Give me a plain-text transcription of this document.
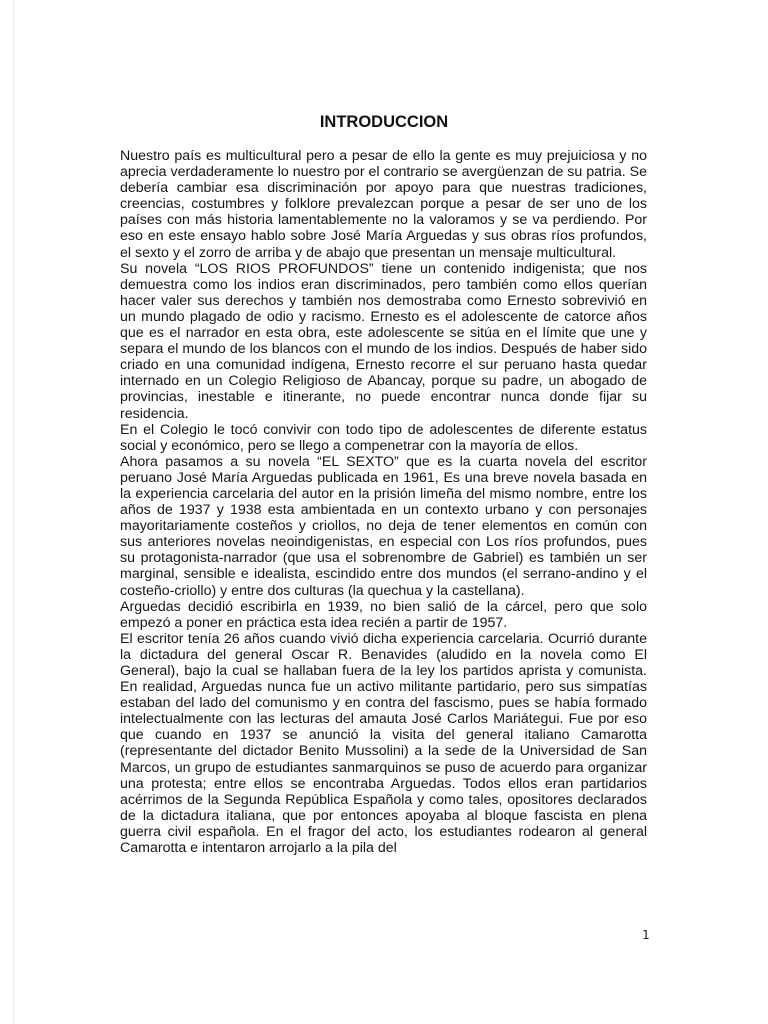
INTRODUCCION

Nuestro país es multicultural pero a pesar de ello la gente es muy prejuiciosa y no aprecia verdaderamente lo nuestro por el contrario se avergüenzan de su patria. Se debería cambiar esa discriminación por apoyo para que nuestras tradiciones, creencias, costumbres y folklore prevalezcan porque a pesar de ser uno de los países con más historia lamentablemente no la valoramos y se va perdiendo. Por eso en este ensayo hablo sobre José María Arguedas y sus obras ríos profundos, el sexto y el zorro de arriba y de abajo que presentan un mensaje multicultural.

Su novela “LOS RIOS PROFUNDOS” tiene un contenido indigenista; que nos demuestra como los indios eran discriminados, pero también como ellos querían hacer valer sus derechos y también nos demostraba como Ernesto sobrevivió en un mundo plagado de odio y racismo. Ernesto es el adolescente de catorce años que es el narrador en esta obra, este adolescente se sitúa en el límite que une y separa el mundo de los blancos con el mundo de los indios. Después de haber sido criado en una comunidad indígena, Ernesto recorre el sur peruano hasta quedar internado en un Colegio Religioso de Abancay, porque su padre, un abogado de provincias, inestable e itinerante, no puede encontrar nunca donde fijar su residencia.

En el Colegio le tocó convivir con todo tipo de adolescentes de diferente estatus social y económico, pero se llego a compenetrar con la mayoría de ellos.

Ahora pasamos a su novela “EL SEXTO” que es la cuarta novela del escritor peruano José María Arguedas publicada en 1961, Es una breve novela basada en la experiencia carcelaria del autor en la prisión limeña del mismo nombre, entre los años de 1937 y 1938 esta ambientada en un contexto urbano y con personajes mayoritariamente costeños y criollos, no deja de tener elementos en común con sus anteriores novelas neoindigenistas, en especial con Los ríos profundos, pues su protagonista-narrador (que usa el sobrenombre de Gabriel) es también un ser marginal, sensible e idealista, escindido entre dos mundos (el serrano-andino y el costeño-criollo) y entre dos culturas (la quechua y la castellana).

Arguedas decidió escribirla en 1939, no bien salió de la cárcel, pero que solo empezó a poner en práctica esta idea recién a partir de 1957.

El escritor tenía 26 años cuando vivió dicha experiencia carcelaria. Ocurrió durante la dictadura del general Oscar R. Benavides (aludido en la novela como El General), bajo la cual se hallaban fuera de la ley los partidos aprista y comunista. En realidad, Arguedas nunca fue un activo militante partidario, pero sus simpatías estaban del lado del comunismo y en contra del fascismo, pues se había formado intelectualmente con las lecturas del amauta José Carlos Mariátegui. Fue por eso que cuando en 1937 se anunció la visita del general italiano Camarotta (representante del dictador Benito Mussolini) a la sede de la Universidad de San Marcos, un grupo de estudiantes sanmarquinos se puso de acuerdo para organizar una protesta; entre ellos se encontraba Arguedas. Todos ellos eran partidarios acérrimos de la Segunda República Española y como tales, opositores declarados de la dictadura italiana, que por entonces apoyaba al bloque fascista en plena guerra civil española. En el fragor del acto, los estudiantes rodearon al general Camarotta e intentaron arrojarlo a la pila del

1
